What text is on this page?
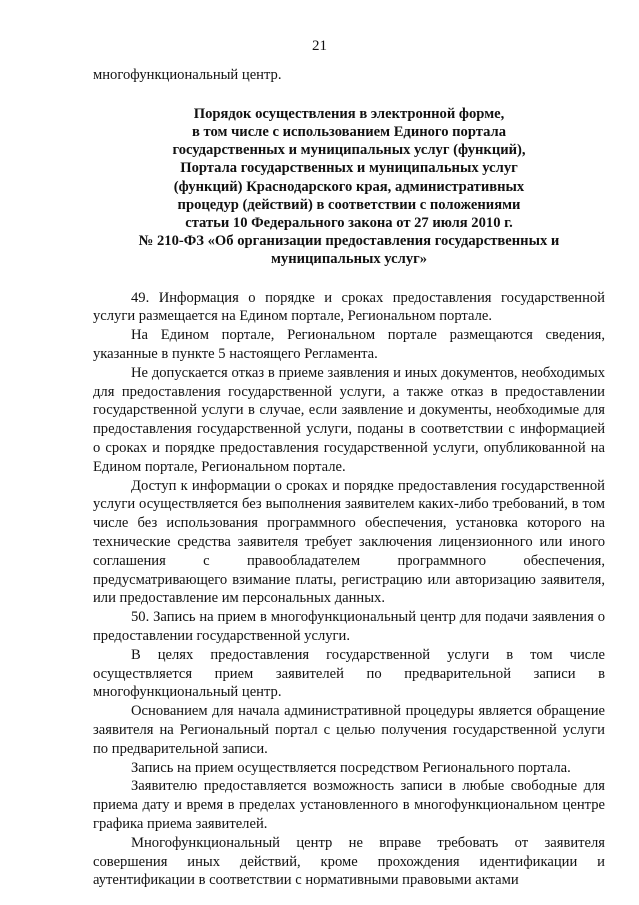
21

многофункциональный центр.

Порядок осуществления в электронной форме,
в том числе с использованием Единого портала
государственных и муниципальных услуг (функций),
Портала государственных и муниципальных услуг
(функций) Краснодарского края, административных
процедур (действий) в соответствии с положениями
статьи 10 Федерального закона от 27 июля 2010 г.
№ 210-ФЗ «Об организации предоставления государственных и
муниципальных услуг»

49. Информация о порядке и сроках предоставления государственной услуги размещается на Едином портале, Региональном портале.

На Едином портале, Региональном портале размещаются сведения, указанные в пункте 5 настоящего Регламента.

Не допускается отказ в приеме заявления и иных документов, необходимых для предоставления государственной услуги, а также отказ в предоставлении государственной услуги в случае, если заявление и документы, необходимые для предоставления государственной услуги, поданы в соответствии с информацией о сроках и порядке предоставления государственной услуги, опубликованной на Едином портале, Региональном портале.

Доступ к информации о сроках и порядке предоставления государственной услуги осуществляется без выполнения заявителем каких-либо требований, в том числе без использования программного обеспечения, установка которого на технические средства заявителя требует заключения лицензионного или иного соглашения с правообладателем программного обеспечения, предусматривающего взимание платы, регистрацию или авторизацию заявителя, или предоставление им персональных данных.

50. Запись на прием в многофункциональный центр для подачи заявления о предоставлении государственной услуги.

В целях предоставления государственной услуги в том числе осуществляется прием заявителей по предварительной записи в многофункциональный центр.

Основанием для начала административной процедуры является обращение заявителя на Региональный портал с целью получения государственной услуги по предварительной записи.

Запись на прием осуществляется посредством Регионального портала.

Заявителю предоставляется возможность записи в любые свободные для приема дату и время в пределах установленного в многофункциональном центре графика приема заявителей.

Многофункциональный центр не вправе требовать от заявителя совершения иных действий, кроме прохождения идентификации и аутентификации в соответствии с нормативными правовыми актами
